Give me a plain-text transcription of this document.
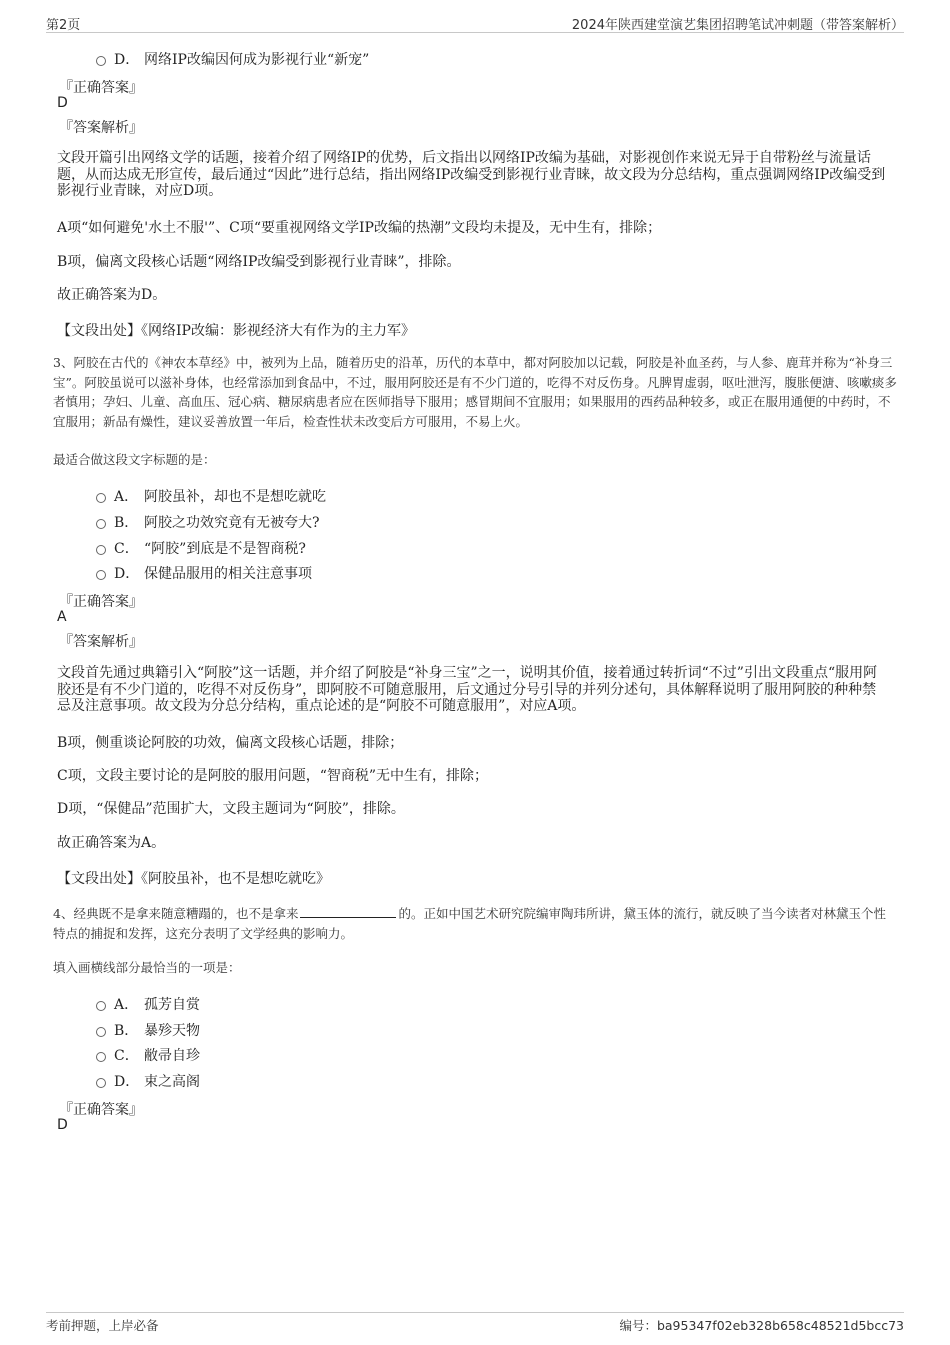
第2页	2024年陕西建堂演艺集团招聘笔试冲刺题（带答案解析）
D． 网络IP改编因何成为影视行业“新宠”
『正确答案』
D
『答案解析』
文段开篇引出网络文学的话题，接着介绍了网络IP的优势，后文指出以网络IP改编为基础，对影视创作来说无异于自带粉丝与流量话题，从而达成无形宣传，最后通过“因此”进行总结，指出网络IP改编受到影视行业青睐，故文段为分总结构，重点强调网络IP改编受到影视行业青睐，对应D项。
A项“如何避免'水土不服'”、C项“要重视网络文学IP改编的热潮”文段均未提及，无中生有，排除；
B项，偏离文段核心话题“网络IP改编受到影视行业青睐”，排除。
故正确答案为D。
【文段出处】《网络IP改编：影视经济大有作为的主力军》
3、阿胶在古代的《神农本草经》中，被列为上品，随着历史的沿革，历代的本草中，都对阿胶加以记载，阿胶是补血圣药，与人参、鹿茸并称为“补身三宝”。阿胶虽说可以滋补身体，也经常添加到食品中，不过，服用阿胶还是有不少门道的，吃得不对反伤身。凡脾胃虚弱，呕吐泄泻，腹胀便溏、咳嗽痰多者慎用；孕妇、儿童、高血压、冠心病、糖尿病患者应在医师指导下服用；感冒期间不宜服用；如果服用的西药品种较多，或正在服用通便的中药时，不宜服用；新品有燥性，建议妥善放置一年后，检查性状未改变后方可服用，不易上火。
最适合做这段文字标题的是：
A． 阿胶虽补，却也不是想吃就吃
B． 阿胶之功效究竟有无被夸大?
C． “阿胶”到底是不是智商税?
D． 保健品服用的相关注意事项
『正确答案』
A
『答案解析』
文段首先通过典籍引入“阿胶”这一话题，并介绍了阿胶是“补身三宝”之一，说明其价值，接着通过转折词“不过”引出文段重点“服用阿胶还是有不少门道的，吃得不对反伤身”，即阿胶不可随意服用，后文通过分号引导的并列分述句，具体解释说明了服用阿胶的种种禁忌及注意事项。故文段为分总分结构，重点论述的是“阿胶不可随意服用”，对应A项。
B项，侧重谈论阿胶的功效，偏离文段核心话题，排除；
C项，文段主要讨论的是阿胶的服用问题，“智商税”无中生有，排除；
D项，“保健品”范围扩大，文段主题词为“阿胶”，排除。
故正确答案为A。
【文段出处】《阿胶虽补，也不是想吃就吃》
4、经典既不是拿来随意糟蹋的，也不是拿来	的。正如中国艺术研究院编审陶玮所讲，黛玉体的流行，就反映了当今读者对林黛玉个性特点的捕捉和发挥，这充分表明了文学经典的影响力。
填入画横线部分最恰当的一项是：
A． 孤芳自赏
B． 暴殄天物
C． 敝帚自珍
D． 束之高阁
『正确答案』
D
考前押题，上岸必备	编号：ba95347f02eb328b658c48521d5bcc73
